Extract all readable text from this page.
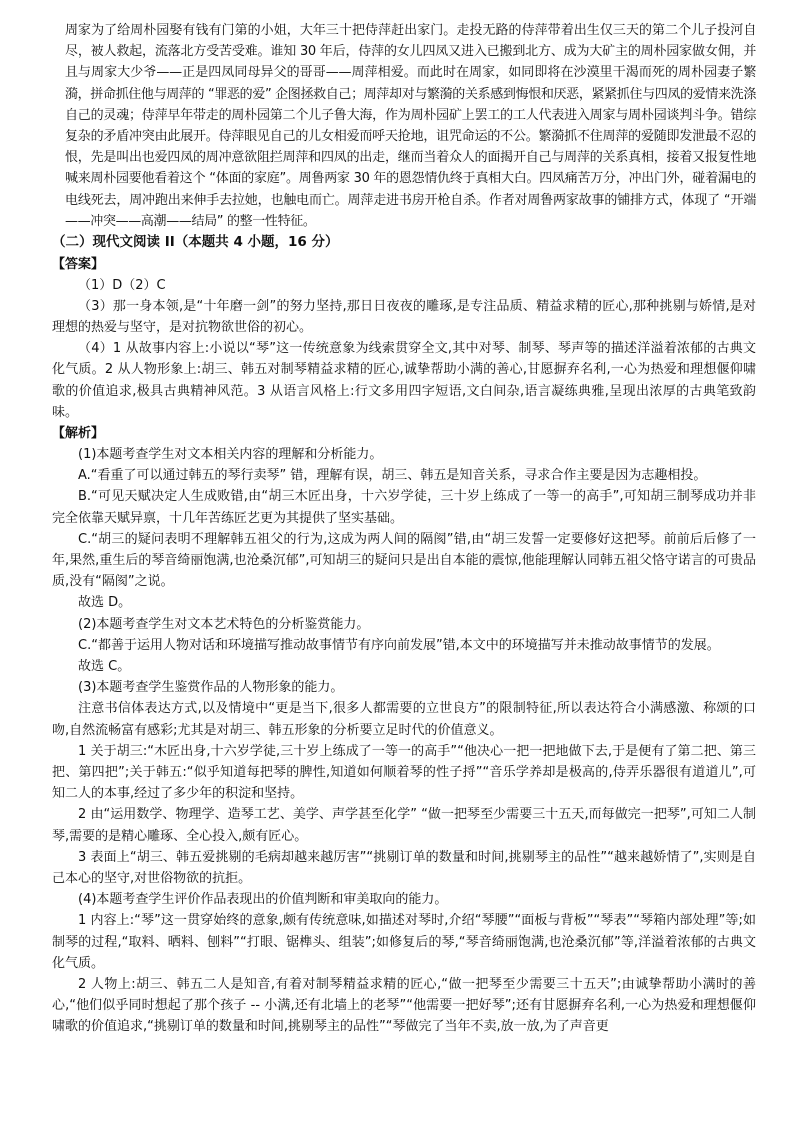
周家为了给周朴园娶有钱有门第的小姐，大年三十把侍萍赶出家门。走投无路的侍萍带着出生仅三天的第二个儿子投河自尽，被人救起，流落北方受苦受难。谁知 30 年后，侍萍的女儿四凤又进入已搬到北方、成为大矿主的周朴园家做女佣，并且与周家大少爷——正是四凤同母异父的哥哥——周萍相爱。而此时在周家，如同即将在沙漠里干渴而死的周朴园妻子繁漪，拼命抓住他与周萍的 “罪恶的爱” 企图拯救自己；周萍却对与繁漪的关系感到悔恨和厌恶，紧紧抓住与四凤的爱情来洗涤自己的灵魂；侍萍早年带走的周朴园第二个儿子鲁大海，作为周朴园矿上罢工的工人代表进入周家与周朴园谈判斗争。错综复杂的矛盾冲突由此展开。侍萍眼见自己的儿女相爱而呼天抢地，诅咒命运的不公。繁漪抓不住周萍的爱随即发泄最不忍的恨，先是叫出也爱四凤的周冲意欲阻拦周萍和四凤的出走，继而当着众人的面揭开自己与周萍的关系真相，接着又报复性地喊来周朴园要他看着这个 “体面的家庭”。周鲁两家 30 年的恩怨情仇终于真相大白。四凤痛苦万分，冲出门外，碰着漏电的电线死去，周冲跑出来伸手去拉她，也触电而亡。周萍走进书房开枪自杀。作者对周鲁两家故事的铺排方式，体现了 “开端——冲突——高潮——结局” 的整一性特征。

（二）现代文阅读 II（本题共 4 小题，16 分）

【答案】

（1）D（2）C

（3）那一身本领,是“十年磨一剑”的努力坚持,那日日夜夜的雕琢,是专注品质、精益求精的匠心,那种挑剔与娇情,是对理想的热爱与坚守，是对抗物欲世俗的初心。

（4）1 从故事内容上:小说以“琴”这一传统意象为线索贯穿全文,其中对琴、制琴、琴声等的描述洋溢着浓郁的古典文化气质。2 从人物形象上:胡三、韩五对制琴精益求精的匠心,诚挚帮助小满的善心,甘愿摒弃名利,一心为热爱和理想偃仰啸歌的价值追求,极具古典精神风范。3 从语言风格上:行文多用四字短语,文白间杂,语言凝练典雅,呈现出浓厚的古典笔致韵味。

【解析】

(1)本题考查学生对文本相关内容的理解和分析能力。

A.“看重了可以通过韩五的琴行卖琴” 错，理解有误，胡三、韩五是知音关系，寻求合作主要是因为志趣相投。

B.“可见天赋决定人生成败错,由“胡三木匠出身，十六岁学徒，三十岁上练成了一等一的高手”,可知胡三制琴成功并非完全依靠天赋异禀，十几年苦练匠艺更为其提供了坚实基础。

C.“胡三的疑问表明不理解韩五祖父的行为,这成为两人间的隔阂”错,由“胡三发誓一定要修好这把琴。前前后后修了一年,果然,重生后的琴音绮丽饱满,也沧桑沉郁”,可知胡三的疑问只是出自本能的震惊,他能理解认同韩五祖父恪守诺言的可贵品质,没有“隔阂”之说。

故选 D。

(2)本题考查学生对文本艺术特色的分析鉴赏能力。

C.“都善于运用人物对话和环境描写推动故事情节有序向前发展”错,本文中的环境描写并未推动故事情节的发展。

故选 C。

(3)本题考查学生鉴赏作品的人物形象的能力。

注意书信体表达方式,以及情境中“更是当下,很多人都需要的立世良方”的限制特征,所以表达符合小满感激、称颂的口吻,自然流畅富有感彩;尤其是对胡三、韩五形象的分析要立足时代的价值意义。

1 关于胡三:“木匠出身,十六岁学徒,三十岁上练成了一等一的高手”“他决心一把一把地做下去,于是便有了第二把、第三把、第四把”;关于韩五:“似乎知道每把琴的脾性,知道如何顺着琴的性子捋”“音乐学养却是极高的,侍弄乐器很有道道儿”,可知二人的本事,经过了多少年的积淀和坚持。

2 由“运用数学、物理学、造琴工艺、美学、声学甚至化学” “做一把琴至少需要三十五天,而每做完一把琴”,可知二人制琴,需要的是精心雕琢、全心投入,颇有匠心。

3 表面上“胡三、韩五爱挑剔的毛病却越来越厉害”“挑剔订单的数量和时间,挑剔琴主的品性”“越来越娇情了”,实则是自己本心的坚守,对世俗物欲的抗拒。

(4)本题考查学生评价作品表现出的价值判断和审美取向的能力。

1 内容上:“琴”这一贯穿始终的意象,颇有传统意味,如描述对琴时,介绍“琴腰”“面板与背板”“琴表”“琴箱内部处理”等;如制琴的过程,“取料、晒料、刨料”“打眼、锯榫头、组装”;如修复后的琴,“琴音绮丽饱满,也沧桑沉郁”等,洋溢着浓郁的古典文化气质。

2 人物上:胡三、韩五二人是知音,有着对制琴精益求精的匠心,“做一把琴至少需要三十五天”;由诚挚帮助小满时的善心,“他们似乎同时想起了那个孩子 -- 小满,还有北墙上的老琴”“他需要一把好琴”;还有甘愿摒弃名利,一心为热爱和理想偃仰啸歌的价值追求,“挑剔订单的数量和时间,挑剔琴主的品性”“琴做完了当年不卖,放一放,为了声音更
